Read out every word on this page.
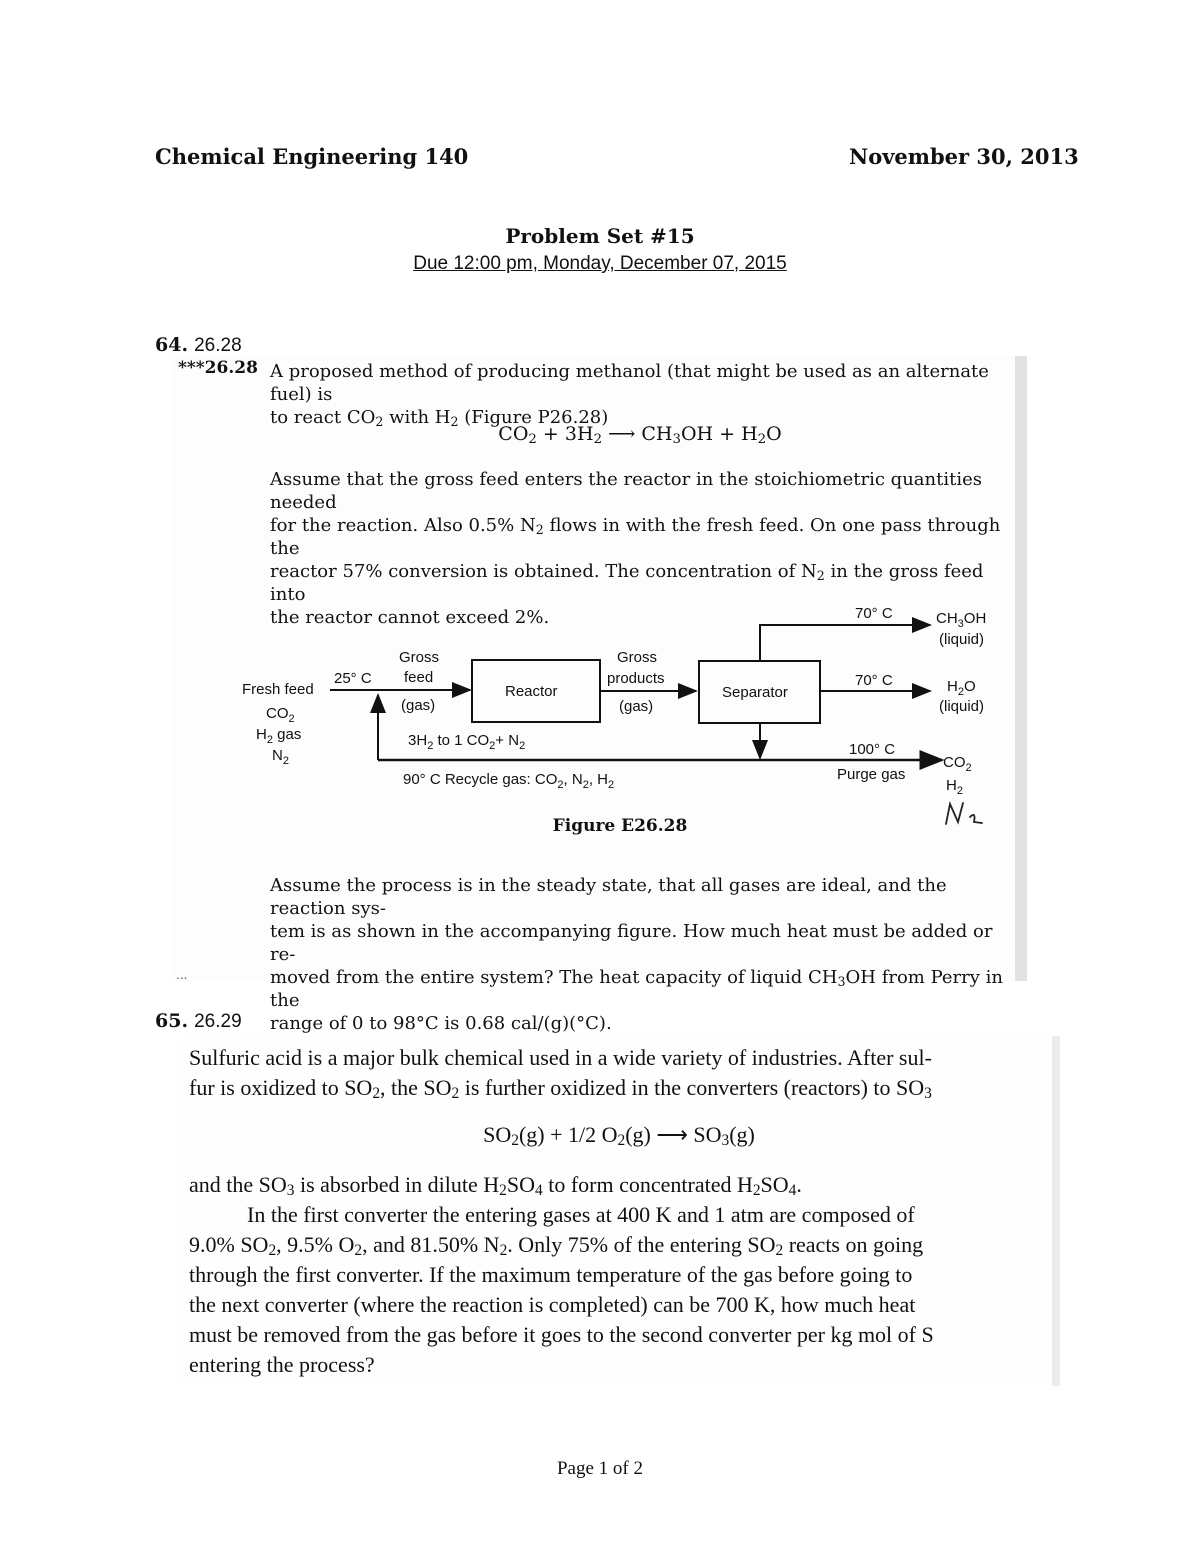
Chemical Engineering 140	November 30, 2013
Problem Set #15
Due 12:00 pm, Monday, December 07, 2015
64. 26.28
***26.28 A proposed method of producing methanol (that might be used as an alternate fuel) is
to react $CO_2$ with $H_2$ (Figure P26.28)
$CO_2 + 3H_2$ ⟶ $CH_3OH + H_2O$
Assume that the gross feed enters the reactor in the stoichiometric quantities needed
for the reaction. Also 0.5% $N_2$ flows in with the fresh feed. On one pass through the
reactor 57% conversion is obtained. The concentration of $N_2$ in the gross feed into
the reactor cannot exceed 2%.
Fresh feed
$CO_2$
$H_2$ gas
$N_2$
25° C
Gross
feed
(gas)
Reactor
Gross
products
(gas)
Separator
$3H_2$ to 1 $CO_2+ N_2$
90° C Recycle gas: $CO_2$, $N_2$, $H_2$
70° C	$CH_3OH$
(liquid)
70° C	$H_2O$
(liquid)
100° C
Purge gas
$CO_2$
$H_2$
Figure E26.28
Assume the process is in the steady state, that all gases are ideal, and the reaction sys-
tem is as shown in the accompanying figure. How much heat must be added or re-
moved from the entire system? The heat capacity of liquid $CH_3OH$ from Perry in the
range of 0 to 98°C is 0.68 cal/(g)(°C).
...
65. 26.29
Sulfuric acid is a major bulk chemical used in a wide variety of industries. After sul-
fur is oxidized to $SO_2$, the $SO_2$ is further oxidized in the converters (reactors) to $SO_3$
$SO_2(g) + 1/2$ $O_2(g)$ ⟶ $SO_3(g)$
and the $SO_3$ is absorbed in dilute $H_2SO_4$ to form concentrated $H_2SO_4$.
In the first converter the entering gases at 400 K and 1 atm are composed of
9.0% $SO_2$, 9.5% $O_2$, and 81.50% $N_2$. Only 75% of the entering $SO_2$ reacts on going
through the first converter. If the maximum temperature of the gas before going to
the next converter (where the reaction is completed) can be 700 K, how much heat
must be removed from the gas before it goes to the second converter per kg mol of S
entering the process?
Page 1 of 2
